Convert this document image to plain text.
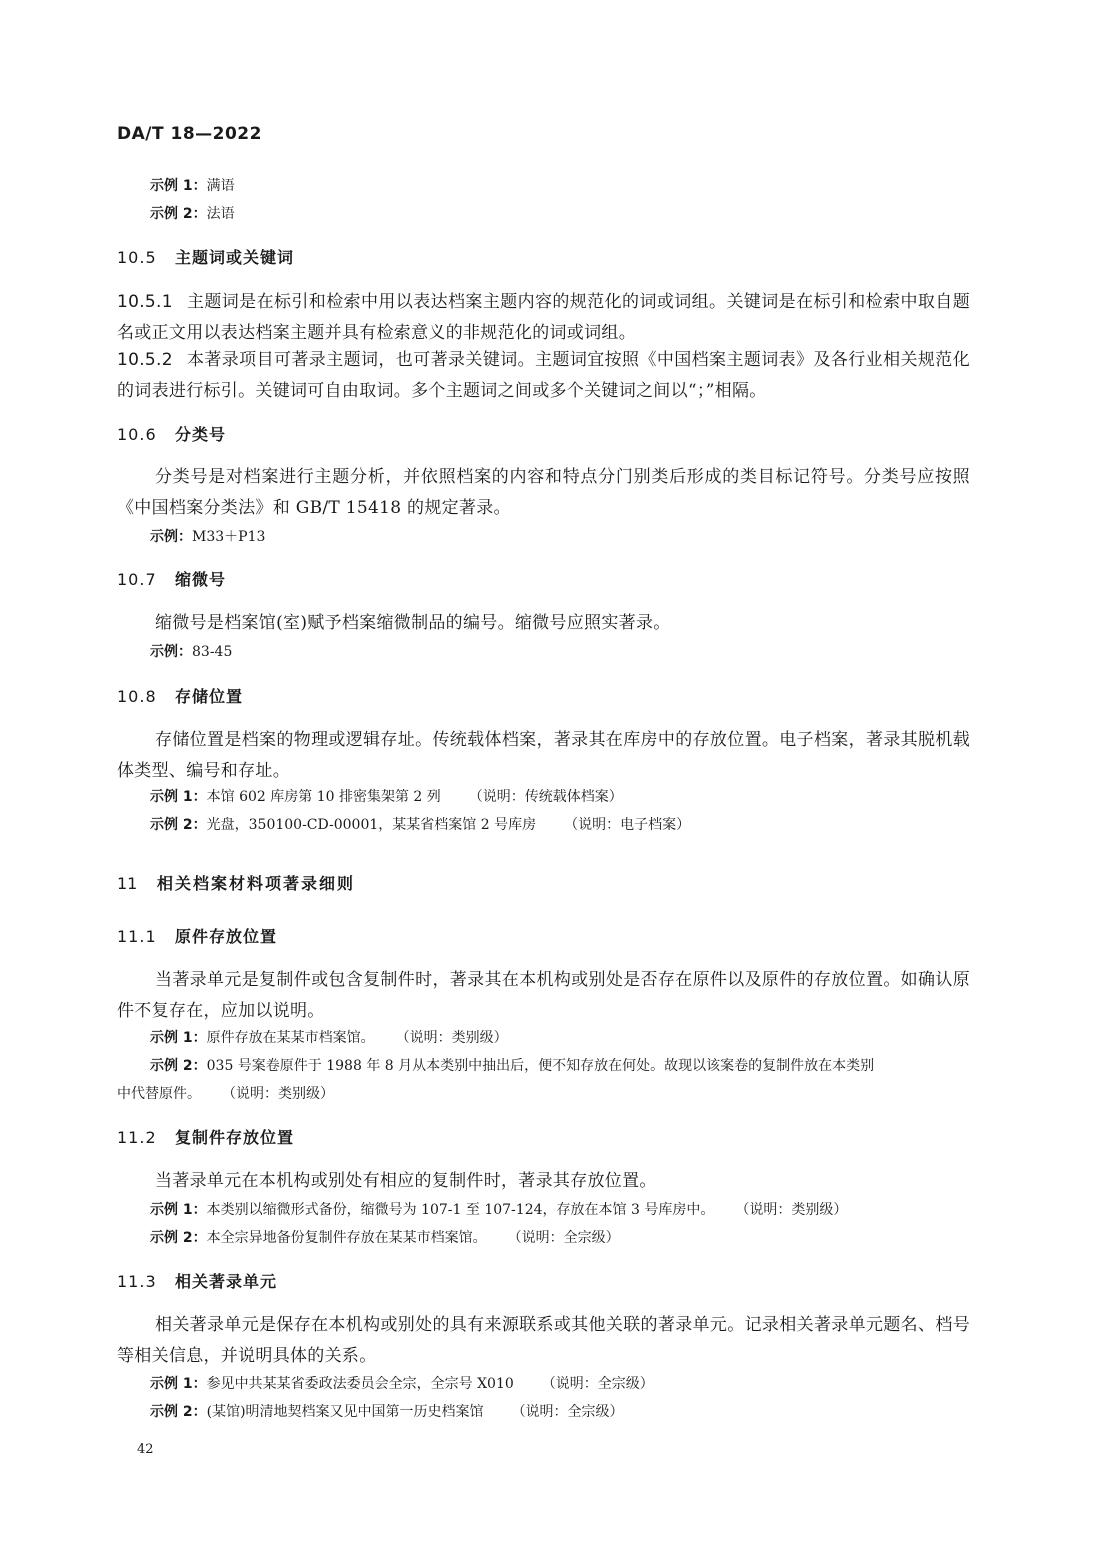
DA/T 18—2022
示例 1：满语
示例 2：法语
10.5 主题词或关键词
10.5.1 主题词是在标引和检索中用以表达档案主题内容的规范化的词或词组。关键词是在标引和检索中取自题名或正文用以表达档案主题并具有检索意义的非规范化的词或词组。
10.5.2 本著录项目可著录主题词，也可著录关键词。主题词宜按照《中国档案主题词表》及各行业相关规范化的词表进行标引。关键词可自由取词。多个主题词之间或多个关键词之间以“；”相隔。
10.6 分类号
分类号是对档案进行主题分析，并依照档案的内容和特点分门别类后形成的类目标记符号。分类号应按照《中国档案分类法》和 GB/T 15418 的规定著录。
示例：M33＋P13
10.7 缩微号
缩微号是档案馆(室)赋予档案缩微制品的编号。缩微号应照实著录。
示例：83-45
10.8 存储位置
存储位置是档案的物理或逻辑存址。传统载体档案，著录其在库房中的存放位置。电子档案，著录其脱机载体类型、编号和存址。
示例 1：本馆 602 库房第 10 排密集架第 2 列 （说明：传统载体档案）
示例 2：光盘，350100-CD-00001，某某省档案馆 2 号库房 （说明：电子档案）
11 相关档案材料项著录细则
11.1 原件存放位置
当著录单元是复制件或包含复制件时，著录其在本机构或别处是否存在原件以及原件的存放位置。如确认原件不复存在，应加以说明。
示例 1：原件存放在某某市档案馆。 （说明：类别级）
示例 2：035 号案卷原件于 1988 年 8 月从本类别中抽出后，便不知存放在何处。故现以该案卷的复制件放在本类别
中代替原件。 （说明：类别级）
11.2 复制件存放位置
当著录单元在本机构或别处有相应的复制件时，著录其存放位置。
示例 1：本类别以缩微形式备份，缩微号为 107-1 至 107-124，存放在本馆 3 号库房中。 （说明：类别级）
示例 2：本全宗异地备份复制件存放在某某市档案馆。 （说明：全宗级）
11.3 相关著录单元
相关著录单元是保存在本机构或别处的具有来源联系或其他关联的著录单元。记录相关著录单元题名、档号等相关信息，并说明具体的关系。
示例 1：参见中共某某省委政法委员会全宗，全宗号 X010 （说明：全宗级）
示例 2：(某馆)明清地契档案又见中国第一历史档案馆 （说明：全宗级）
42
